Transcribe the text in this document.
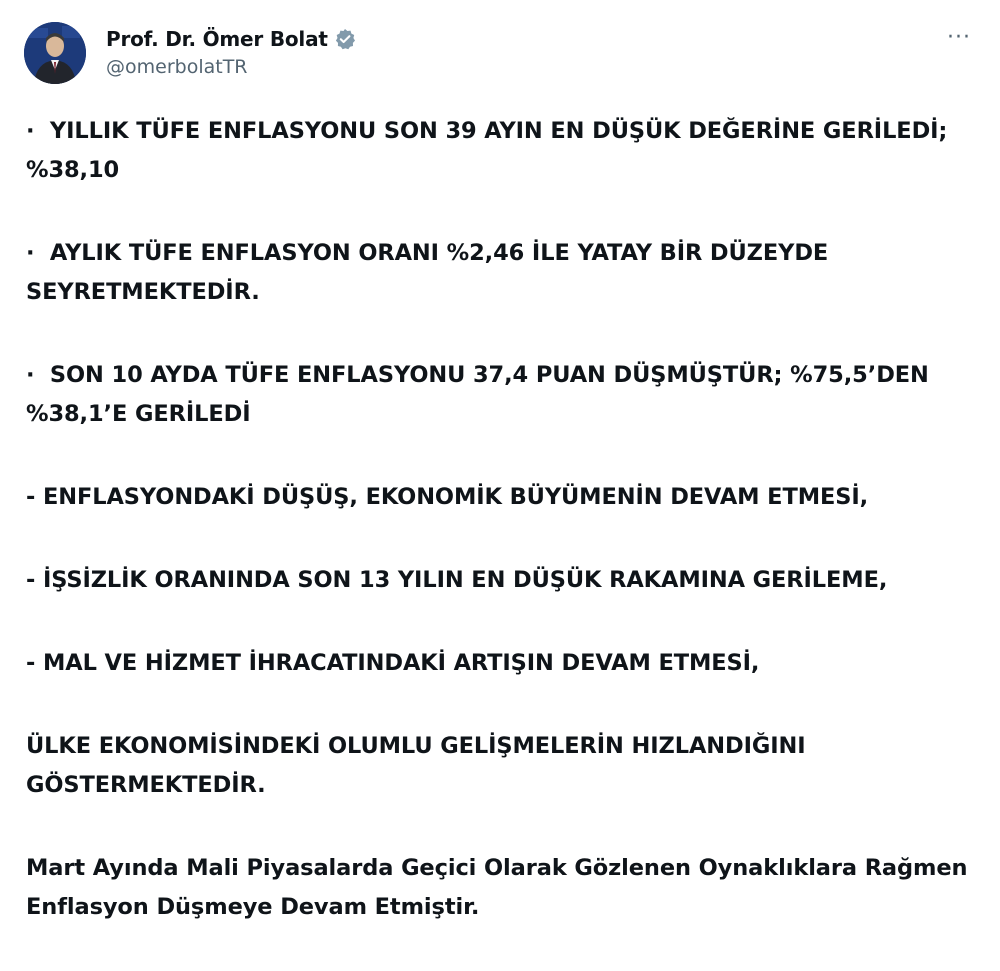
Prof. Dr. Ömer Bolat
@omerbolatTR
···

·  YILLIK TÜFE ENFLASYONU SON 39 AYIN EN DÜŞÜK DEĞERİNE GERİLEDİ; %38,10

·  AYLIK TÜFE ENFLASYON ORANI %2,46 İLE YATAY BİR DÜZEYDE SEYRETMEKTEDİR.

·  SON 10 AYDA TÜFE ENFLASYONU 37,4 PUAN DÜŞMÜŞTÜR; %75,5’DEN %38,1’E GERİLEDİ

- ENFLASYONDAKİ DÜŞÜŞ, EKONOMİK BÜYÜMENİN DEVAM ETMESİ,

- İŞSİZLİK ORANINDA SON 13 YILIN EN DÜŞÜK RAKAMINA GERİLEME,

- MAL VE HİZMET İHRACATINDAKİ ARTIŞIN DEVAM ETMESİ,

ÜLKE EKONOMİSİNDEKİ OLUMLU GELİŞMELERİN HIZLANDIĞINI GÖSTERMEKTEDİR.

Mart Ayında Mali Piyasalarda Geçici Olarak Gözlenen Oynaklıklara Rağmen Enflasyon Düşmeye Devam Etmiştir.
